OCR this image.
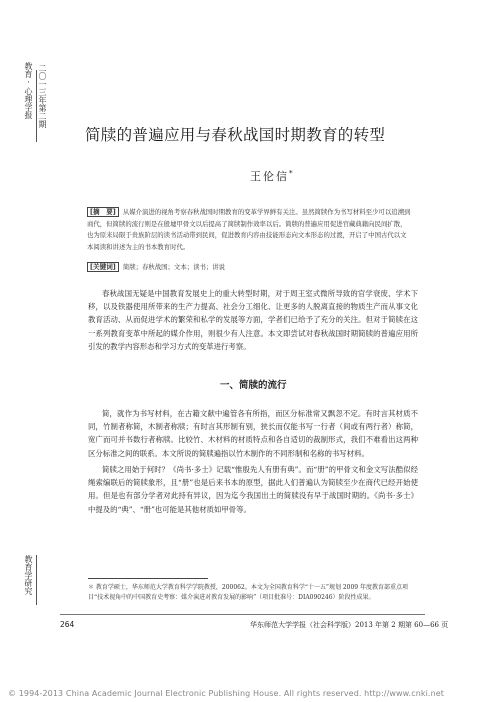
教育·心理学报 二〇一三年第二期
教育学研究
简牍的普遍应用与春秋战国时期教育的转型
王伦信*
[摘　要] 从媒介演进的视角考察春秋战国时期教育的变革学界鲜有关注。虽然简牍作为书写材料至少可以追溯到商代，但简牍的流行则是在殷墟甲骨文以后提高了简牍制作效率以后。简牍的普遍应用促进官藏典籍向民间扩散，也为原来局限于贵族阶层的读书活动带到民间，促进教育内容由技能形态向文本形态的过渡，开启了中国古代以文本阅读和讲述为主的书本教育时代。
[关键词] 简牍；春秋战国；文本；读书；讲说
春秋战国无疑是中国教育发展史上的重大转型时期，对于周王室式微所导致的官学衰废、学术下移，以及铁器使用所带来的生产力提高、社会分工细化、让更多的人脱离直接的物质生产而从事文化教育活动、从而促进学术的繁荣和私学的发展等方面，学者们已给予了充分的关注。但对于简牍在这一系列教育变革中所起的媒介作用，则很少有人注意。本文即尝试对春秋战国时期简牍的普遍应用所引发的教学内容形态和学习方式的变革进行考察。
一、简牍的流行
简，就作为书写材料，在古籍文献中遍管各有所指，而区分标准常又飘忽不定。有时言其材质不同，竹制者称简，木制者称牍；有时言其形制有别，狭长而仅能书写一行者（间或有两行者）称简，宽广而可并书数行者称牍。比较竹、木材料的材质特点和各自适切的裁制形式，我们不难看出这两种区分标准之间的联系。本文所说的简牍遍指以竹木制作的不同形制和名称的书写材料。
简牍之用始于何时？《尚书·多士》记载“惟殷先人有册有典”。而“册”的甲骨文和金文写法酷似经绳索编联后的简牍象形，且“册”也是后来书本的原型，据此人们普遍认为简牍至少在商代已经开始使用。但是也有部分学者对此持有异议，因为迄今我国出土的简牍没有早于战国时期的。《尚书·多士》中提及的“典”、“册”也可能是其他材质如甲骨等。
＊ 教育学硕士，华东师范大学教育科学学院教授，200062。本文为全国教育科学“十一五”规划 2009 年度教育部重点项目“技术视角中的中国教育史考察：媒介演进对教育发展的影响”（项目批准号：DIA090246）阶段性成果。
264	华东师范大学学报（社会科学版）2013 年第 2 期第 60—66 页
© 1994-2013 China Academic Journal Electronic Publishing House. All rights reserved. http://www.cnki.net
